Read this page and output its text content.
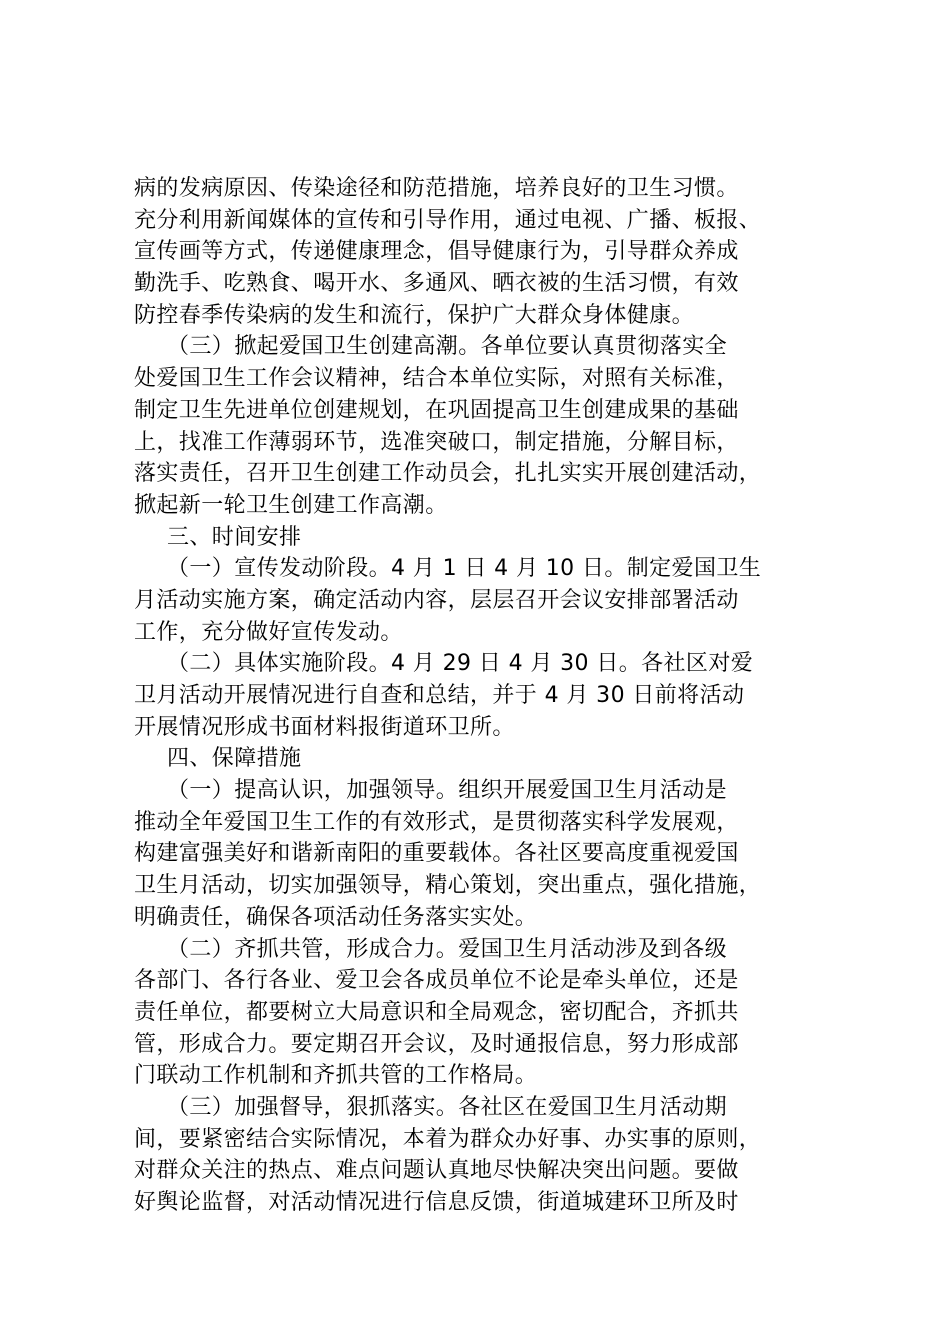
病的发病原因、传染途径和防范措施，培养良好的卫生习惯。
充分利用新闻媒体的宣传和引导作用，通过电视、广播、板报、
宣传画等方式，传递健康理念，倡导健康行为，引导群众养成
勤洗手、吃熟食、喝开水、多通风、晒衣被的生活习惯，有效
防控春季传染病的发生和流行，保护广大群众身体健康。
（三）掀起爱国卫生创建高潮。各单位要认真贯彻落实全
处爱国卫生工作会议精神，结合本单位实际，对照有关标准，
制定卫生先进单位创建规划，在巩固提高卫生创建成果的基础
上，找准工作薄弱环节，选准突破口，制定措施，分解目标，
落实责任，召开卫生创建工作动员会，扎扎实实开展创建活动，
掀起新一轮卫生创建工作高潮。
三、时间安排
（一）宣传发动阶段。4 月 1 日 4 月 10 日。制定爱国卫生
月活动实施方案，确定活动内容，层层召开会议安排部署活动
工作，充分做好宣传发动。
（二）具体实施阶段。4 月 29 日 4 月 30 日。各社区对爱
卫月活动开展情况进行自查和总结，并于 4 月 30 日前将活动
开展情况形成书面材料报街道环卫所。
四、保障措施
（一）提高认识，加强领导。组织开展爱国卫生月活动是
推动全年爱国卫生工作的有效形式，是贯彻落实科学发展观，
构建富强美好和谐新南阳的重要载体。各社区要高度重视爱国
卫生月活动，切实加强领导，精心策划，突出重点，强化措施，
明确责任，确保各项活动任务落实实处。
（二）齐抓共管，形成合力。爱国卫生月活动涉及到各级
各部门、各行各业、爱卫会各成员单位不论是牵头单位，还是
责任单位，都要树立大局意识和全局观念，密切配合，齐抓共
管，形成合力。要定期召开会议，及时通报信息，努力形成部
门联动工作机制和齐抓共管的工作格局。
（三）加强督导，狠抓落实。各社区在爱国卫生月活动期
间，要紧密结合实际情况，本着为群众办好事、办实事的原则，
对群众关注的热点、难点问题认真地尽快解决突出问题。要做
好舆论监督，对活动情况进行信息反馈，街道城建环卫所及时
